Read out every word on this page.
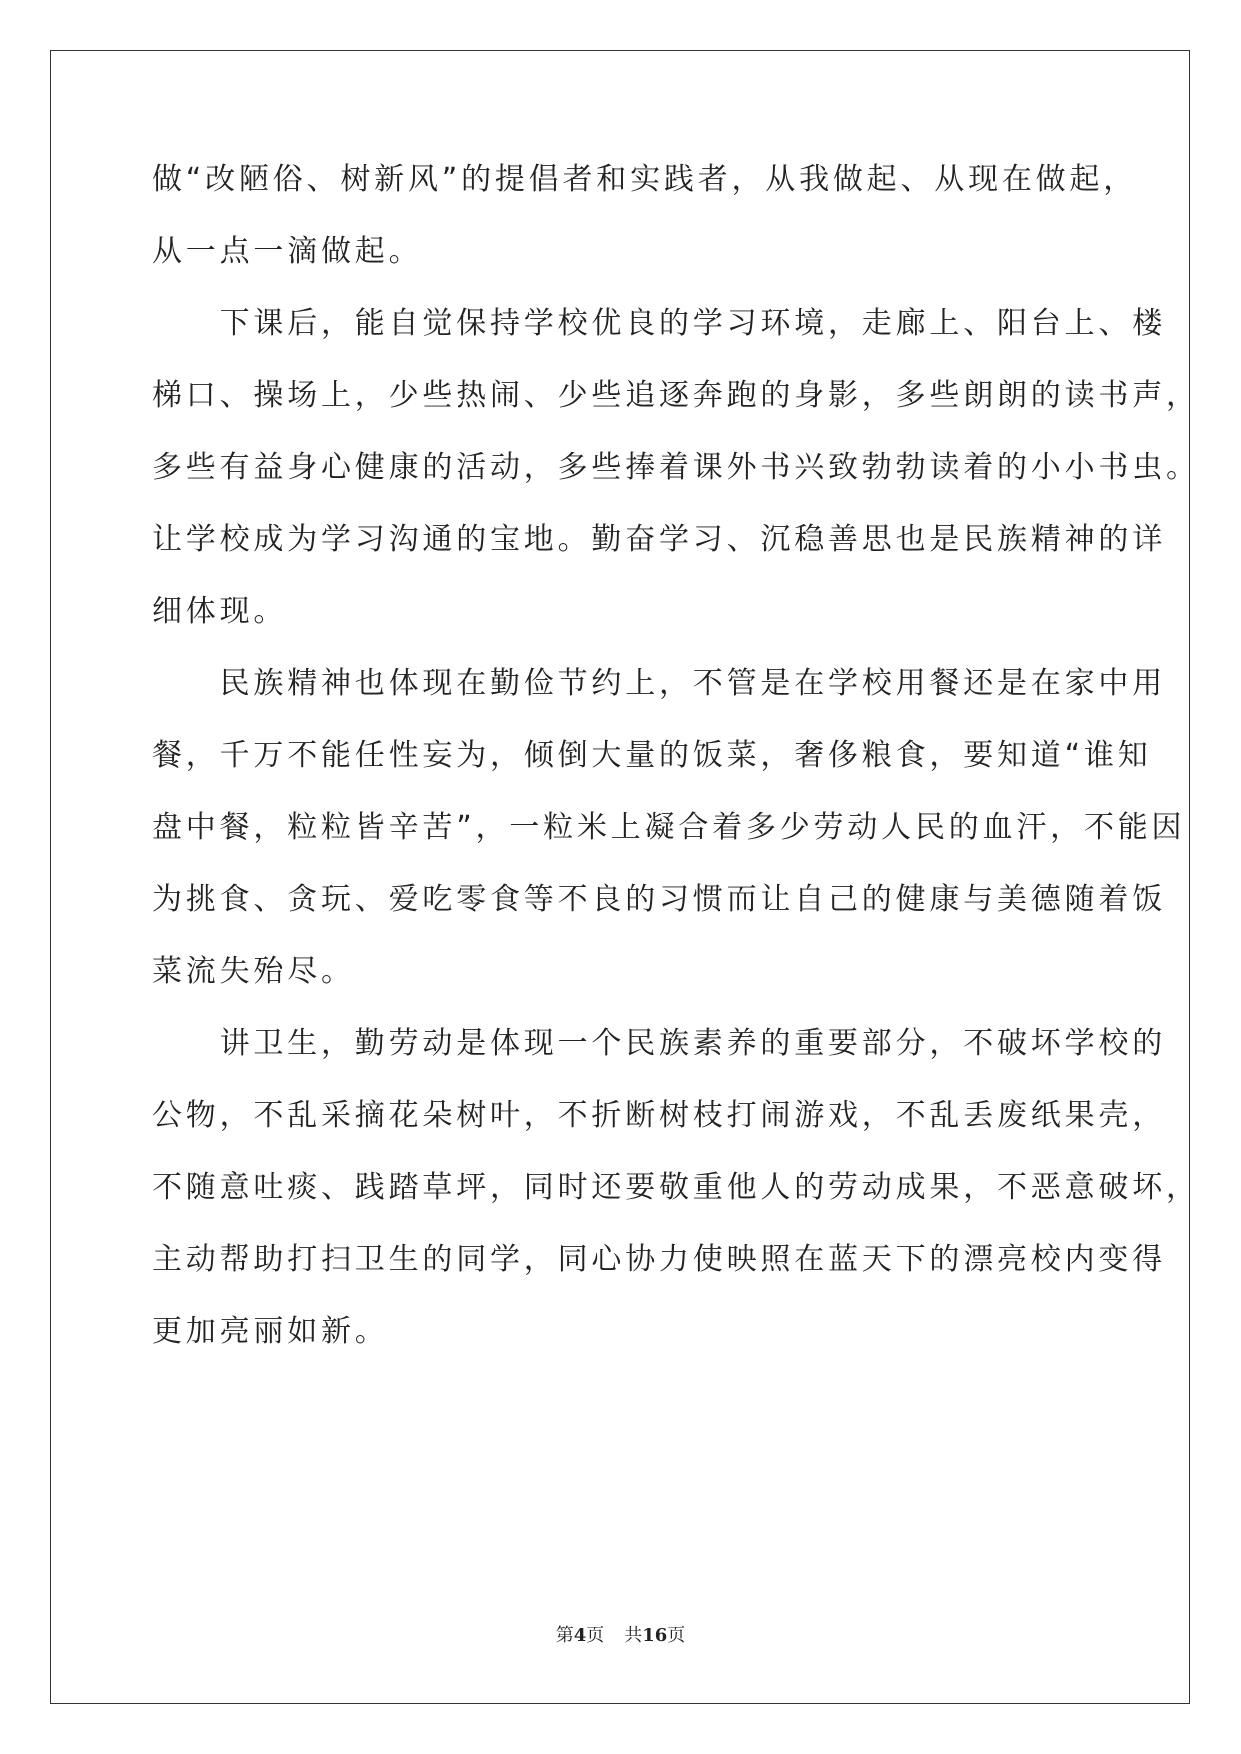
做“改陋俗、树新风”的提倡者和实践者，从我做起、从现在做起，
从一点一滴做起。
　　下课后，能自觉保持学校优良的学习环境，走廊上、阳台上、楼
梯口、操场上，少些热闹、少些追逐奔跑的身影，多些朗朗的读书声，
多些有益身心健康的活动，多些捧着课外书兴致勃勃读着的小小书虫。
让学校成为学习沟通的宝地。勤奋学习、沉稳善思也是民族精神的详
细体现。
　　民族精神也体现在勤俭节约上，不管是在学校用餐还是在家中用
餐，千万不能任性妄为，倾倒大量的饭菜，奢侈粮食，要知道“谁知
盘中餐，粒粒皆辛苦”，一粒米上凝合着多少劳动人民的血汗，不能因
为挑食、贪玩、爱吃零食等不良的习惯而让自己的健康与美德随着饭
菜流失殆尽。
　　讲卫生，勤劳动是体现一个民族素养的重要部分，不破坏学校的
公物，不乱采摘花朵树叶，不折断树枝打闹游戏，不乱丢废纸果壳，
不随意吐痰、践踏草坪，同时还要敬重他人的劳动成果，不恶意破坏，
主动帮助打扫卫生的同学，同心协力使映照在蓝天下的漂亮校内变得
更加亮丽如新。
第4页 共16页
